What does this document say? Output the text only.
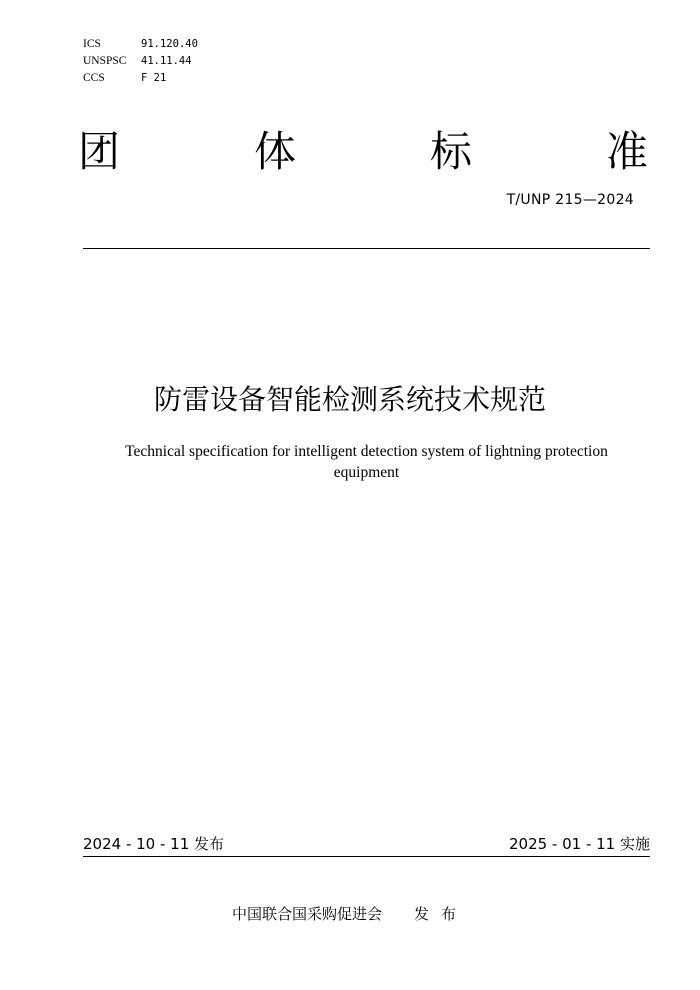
ICS	91.120.40
UNSPSC	41.11.44
CCS	F 21
团	体	标	准
T/UNP 215—2024
防雷设备智能检测系统技术规范
Technical specification for intelligent detection system of lightning protection
equipment
2024 - 10 - 11 发布	2025 - 01 - 11 实施
中国联合国采购促进会 发布
